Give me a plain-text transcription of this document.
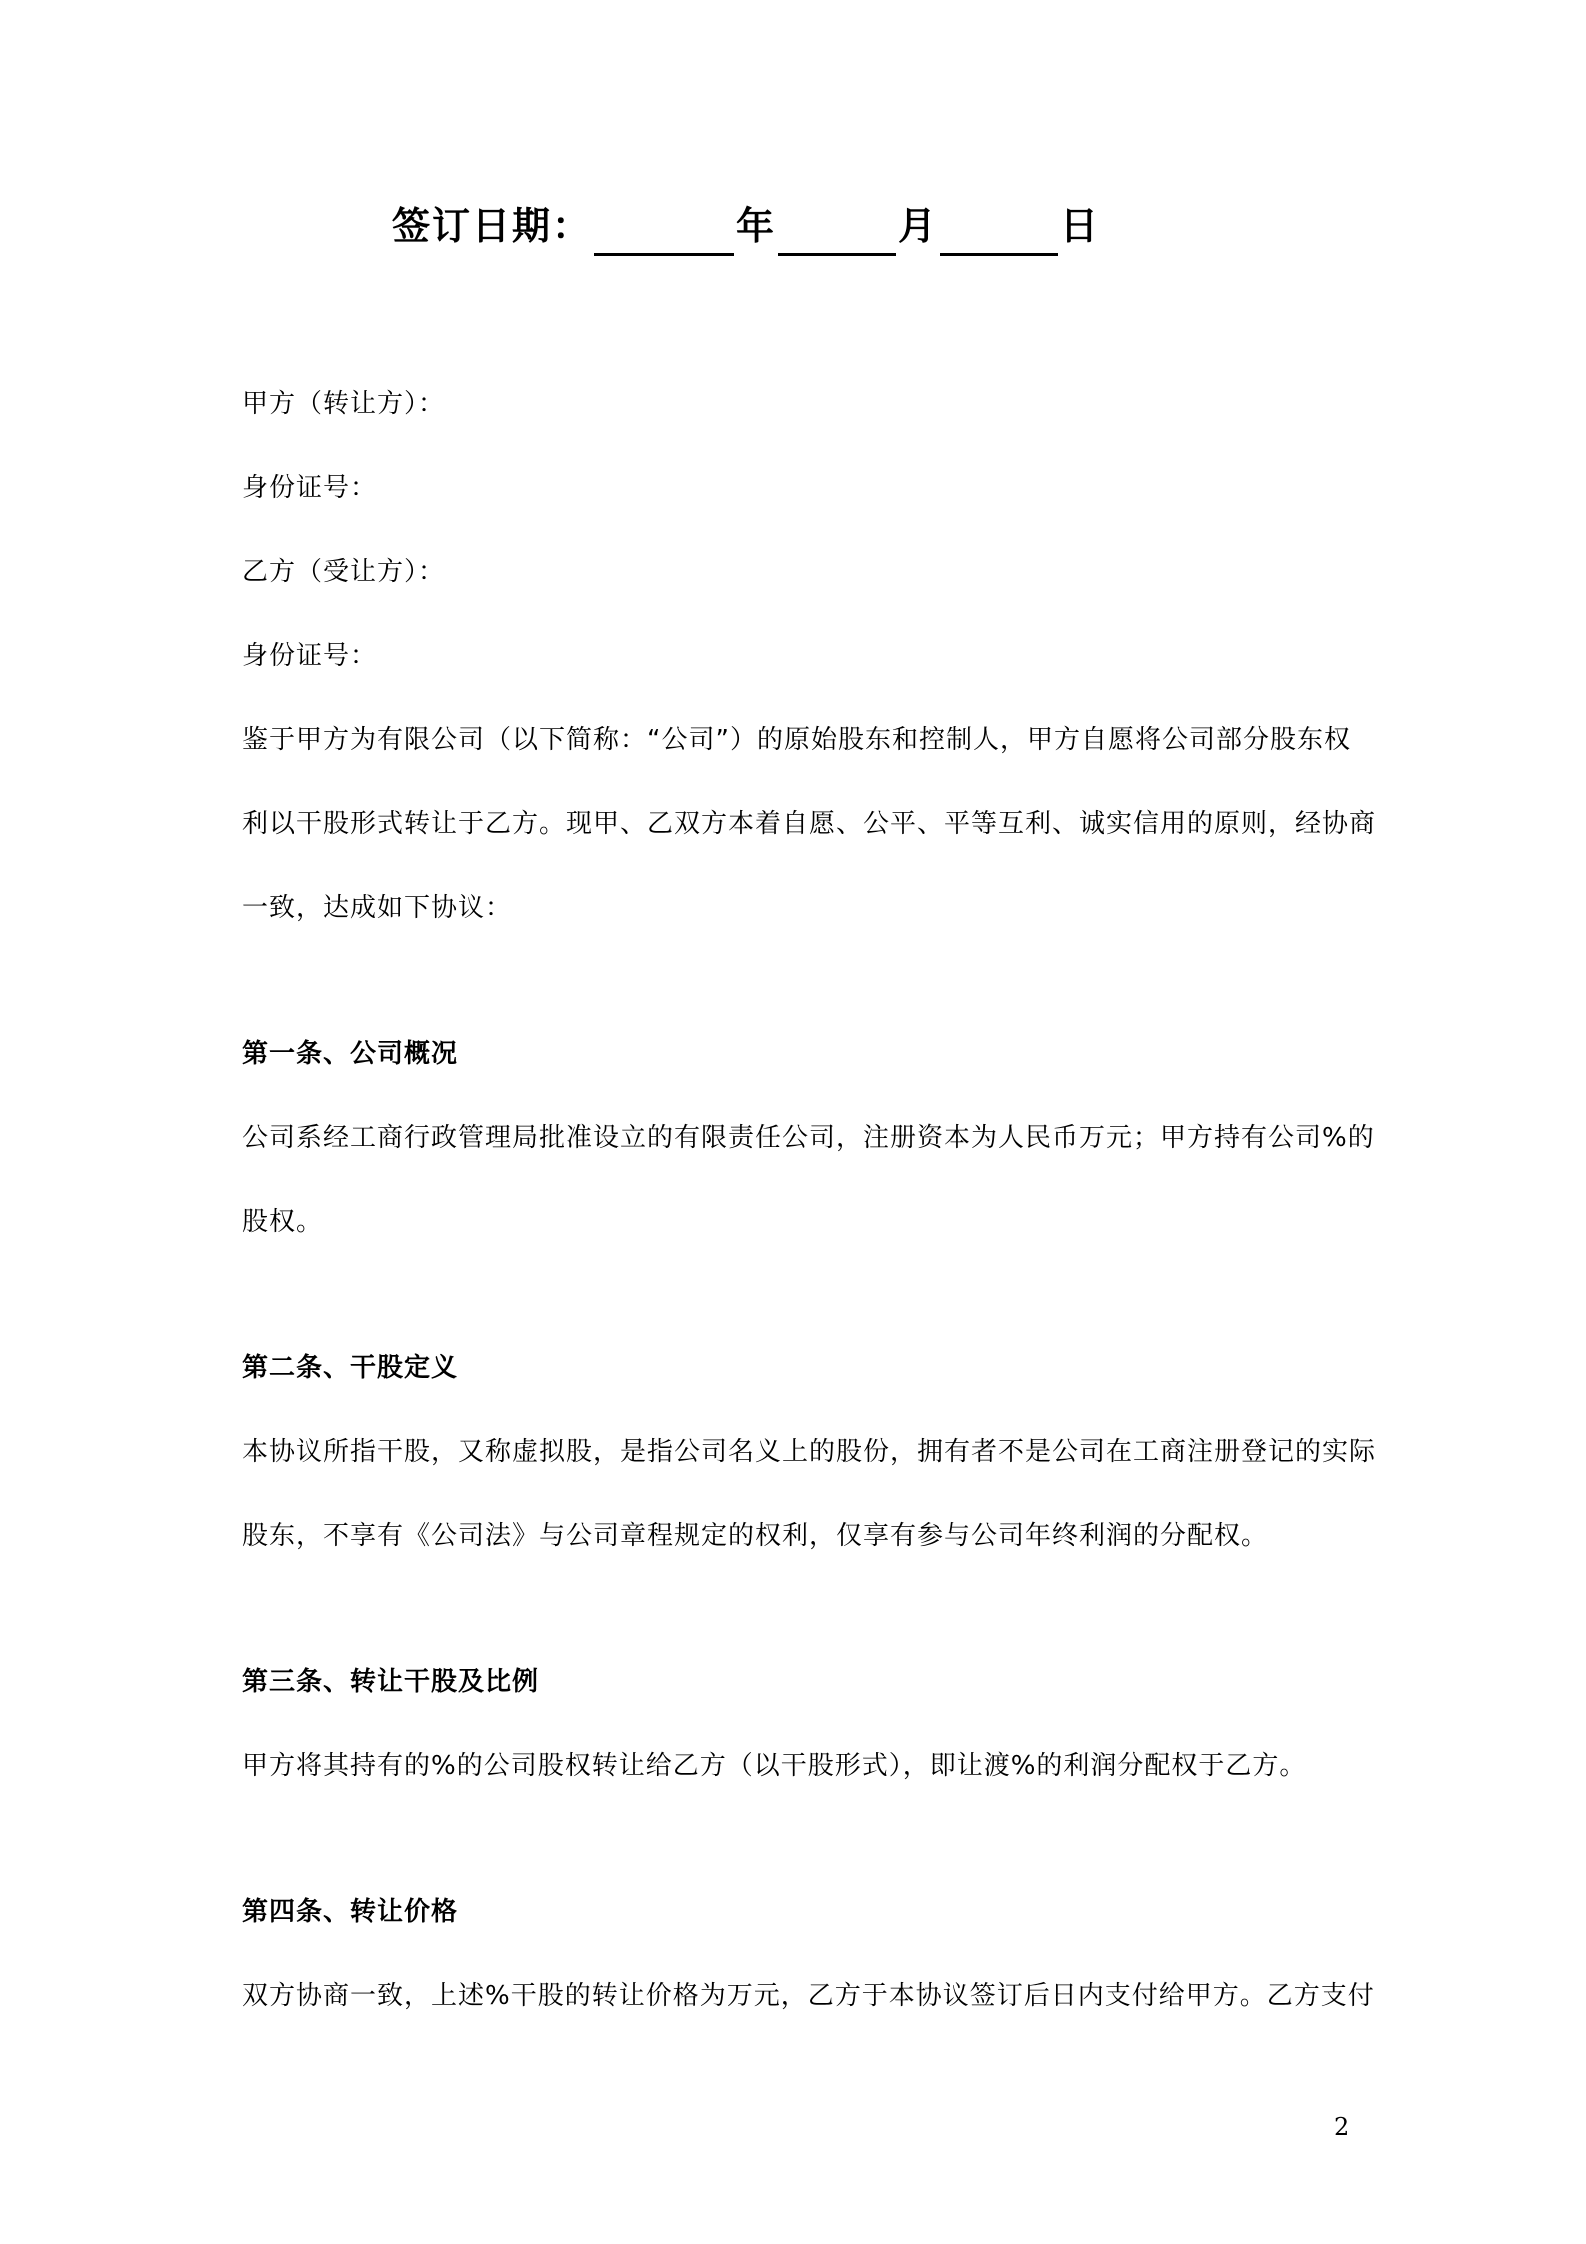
签订日期：	年	月	日
甲方（转让方）：
身份证号：
乙方（受让方）：
身份证号：
鉴于甲方为有限公司（以下简称：“公司”）的原始股东和控制人，甲方自愿将公司部分股东权
利以干股形式转让于乙方。现甲、乙双方本着自愿、公平、平等互利、诚实信用的原则，经协商
一致，达成如下协议：
第一条、公司概况
公司系经工商行政管理局批准设立的有限责任公司，注册资本为人民币万元；甲方持有公司%的
股权。
第二条、干股定义
本协议所指干股，又称虚拟股，是指公司名义上的股份，拥有者不是公司在工商注册登记的实际
股东，不享有《公司法》与公司章程规定的权利，仅享有参与公司年终利润的分配权。
第三条、转让干股及比例
甲方将其持有的%的公司股权转让给乙方（以干股形式），即让渡%的利润分配权于乙方。
第四条、转让价格
双方协商一致，上述%干股的转让价格为万元，乙方于本协议签订后日内支付给甲方。乙方支付
2
